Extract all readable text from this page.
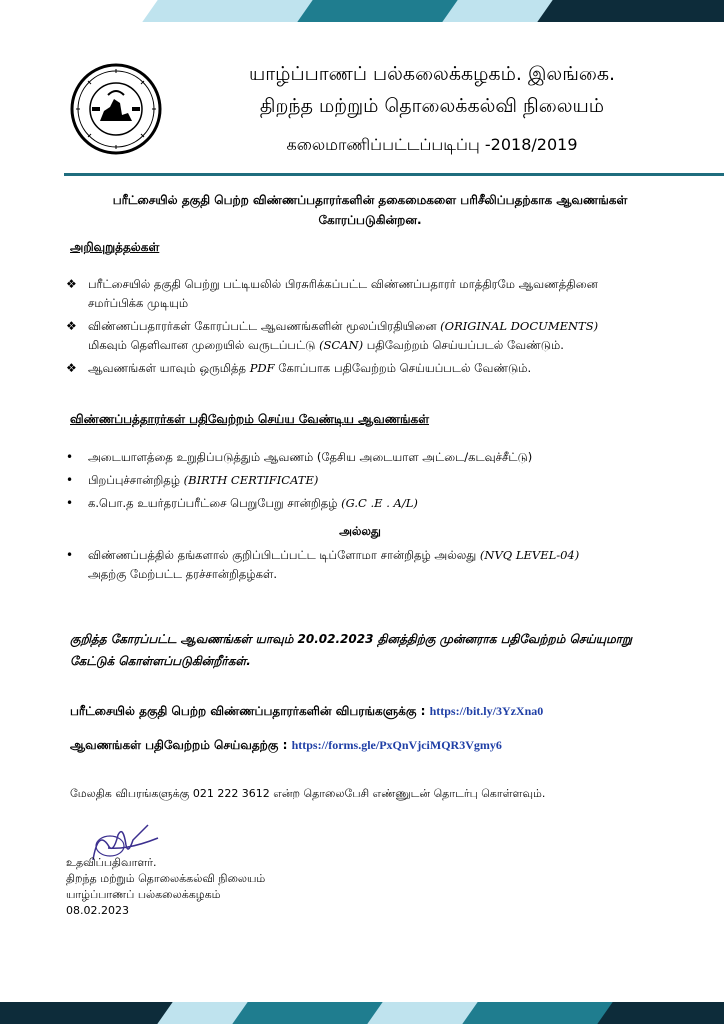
யாழ்ப்பாணப் பல்கலைக்கழகம். இலங்கை.
திறந்த மற்றும் தொலைக்கல்வி நிலையம்
கலைமாணிப்பட்டப்படிப்பு -2018/2019
பரீட்சையில் தகுதி பெற்ற விண்ணப்பதாரர்களின் தகைமைகளை பரிசீலிப்பதற்காக ஆவணங்கள்
கோரப்படுகின்றன.
அறிவுறுத்தல்கள்
❖ பரீட்சையில் தகுதி பெற்று பட்டியலில் பிரசுரிக்கப்பட்ட விண்ணப்பதாரர் மாத்திரமே ஆவணத்தினை
சமர்ப்பிக்க முடியும்
❖ விண்ணப்பதாரர்கள் கோரப்பட்ட ஆவணங்களின் மூலப்பிரதியினை (ORIGINAL DOCUMENTS)
மிகவும் தெளிவான முறையில் வருடப்பட்டு (SCAN) பதிவேற்றம் செய்யப்படல் வேண்டும்.
❖ ஆவணங்கள் யாவும் ஒருமித்த PDF கோப்பாக பதிவேற்றம் செய்யப்படல் வேண்டும்.
விண்ணப்பத்தாரர்கள் பதிவேற்றம் செய்ய வேண்டிய ஆவணங்கள்
• அடையாளத்தை உறுதிப்படுத்தும் ஆவணம் (தேசிய அடையாள அட்டை/கடவுச்சீட்டு)
• பிறப்புச்சான்றிதழ் (BIRTH CERTIFICATE)
• க.பொ.த உயர்தரப்பரீட்சை பெறுபேறு சான்றிதழ் (G.C .E . A/L)
அல்லது
• விண்ணப்பத்தில் தங்களால் குறிப்பிடப்பட்ட டிப்ளோமா சான்றிதழ் அல்லது (NVQ LEVEL-04)
அதற்கு மேற்பட்ட தரச்சான்றிதழ்கள்.
குறித்த கோரப்பட்ட ஆவணங்கள் யாவும் 20.02.2023 தினத்திற்கு முன்னராக பதிவேற்றம் செய்யுமாறு
கேட்டுக் கொள்ளப்படுகின்றீர்கள்.
பரீட்சையில் தகுதி பெற்ற விண்ணப்பதாரர்களின் விபரங்களுக்கு : https://bit.ly/3YzXna0
ஆவணங்கள் பதிவேற்றம் செய்வதற்கு : https://forms.gle/PxQnVjciMQR3Vgmy6
மேலதிக விபரங்களுக்கு 021 222 3612 என்ற தொலைபேசி எண்ணுடன் தொடர்பு கொள்ளவும்.
உதவிப்பதிவாளர்.
திறந்த மற்றும் தொலைக்கல்வி நிலையம்
யாழ்ப்பாணப் பல்கலைக்கழகம்
08.02.2023
